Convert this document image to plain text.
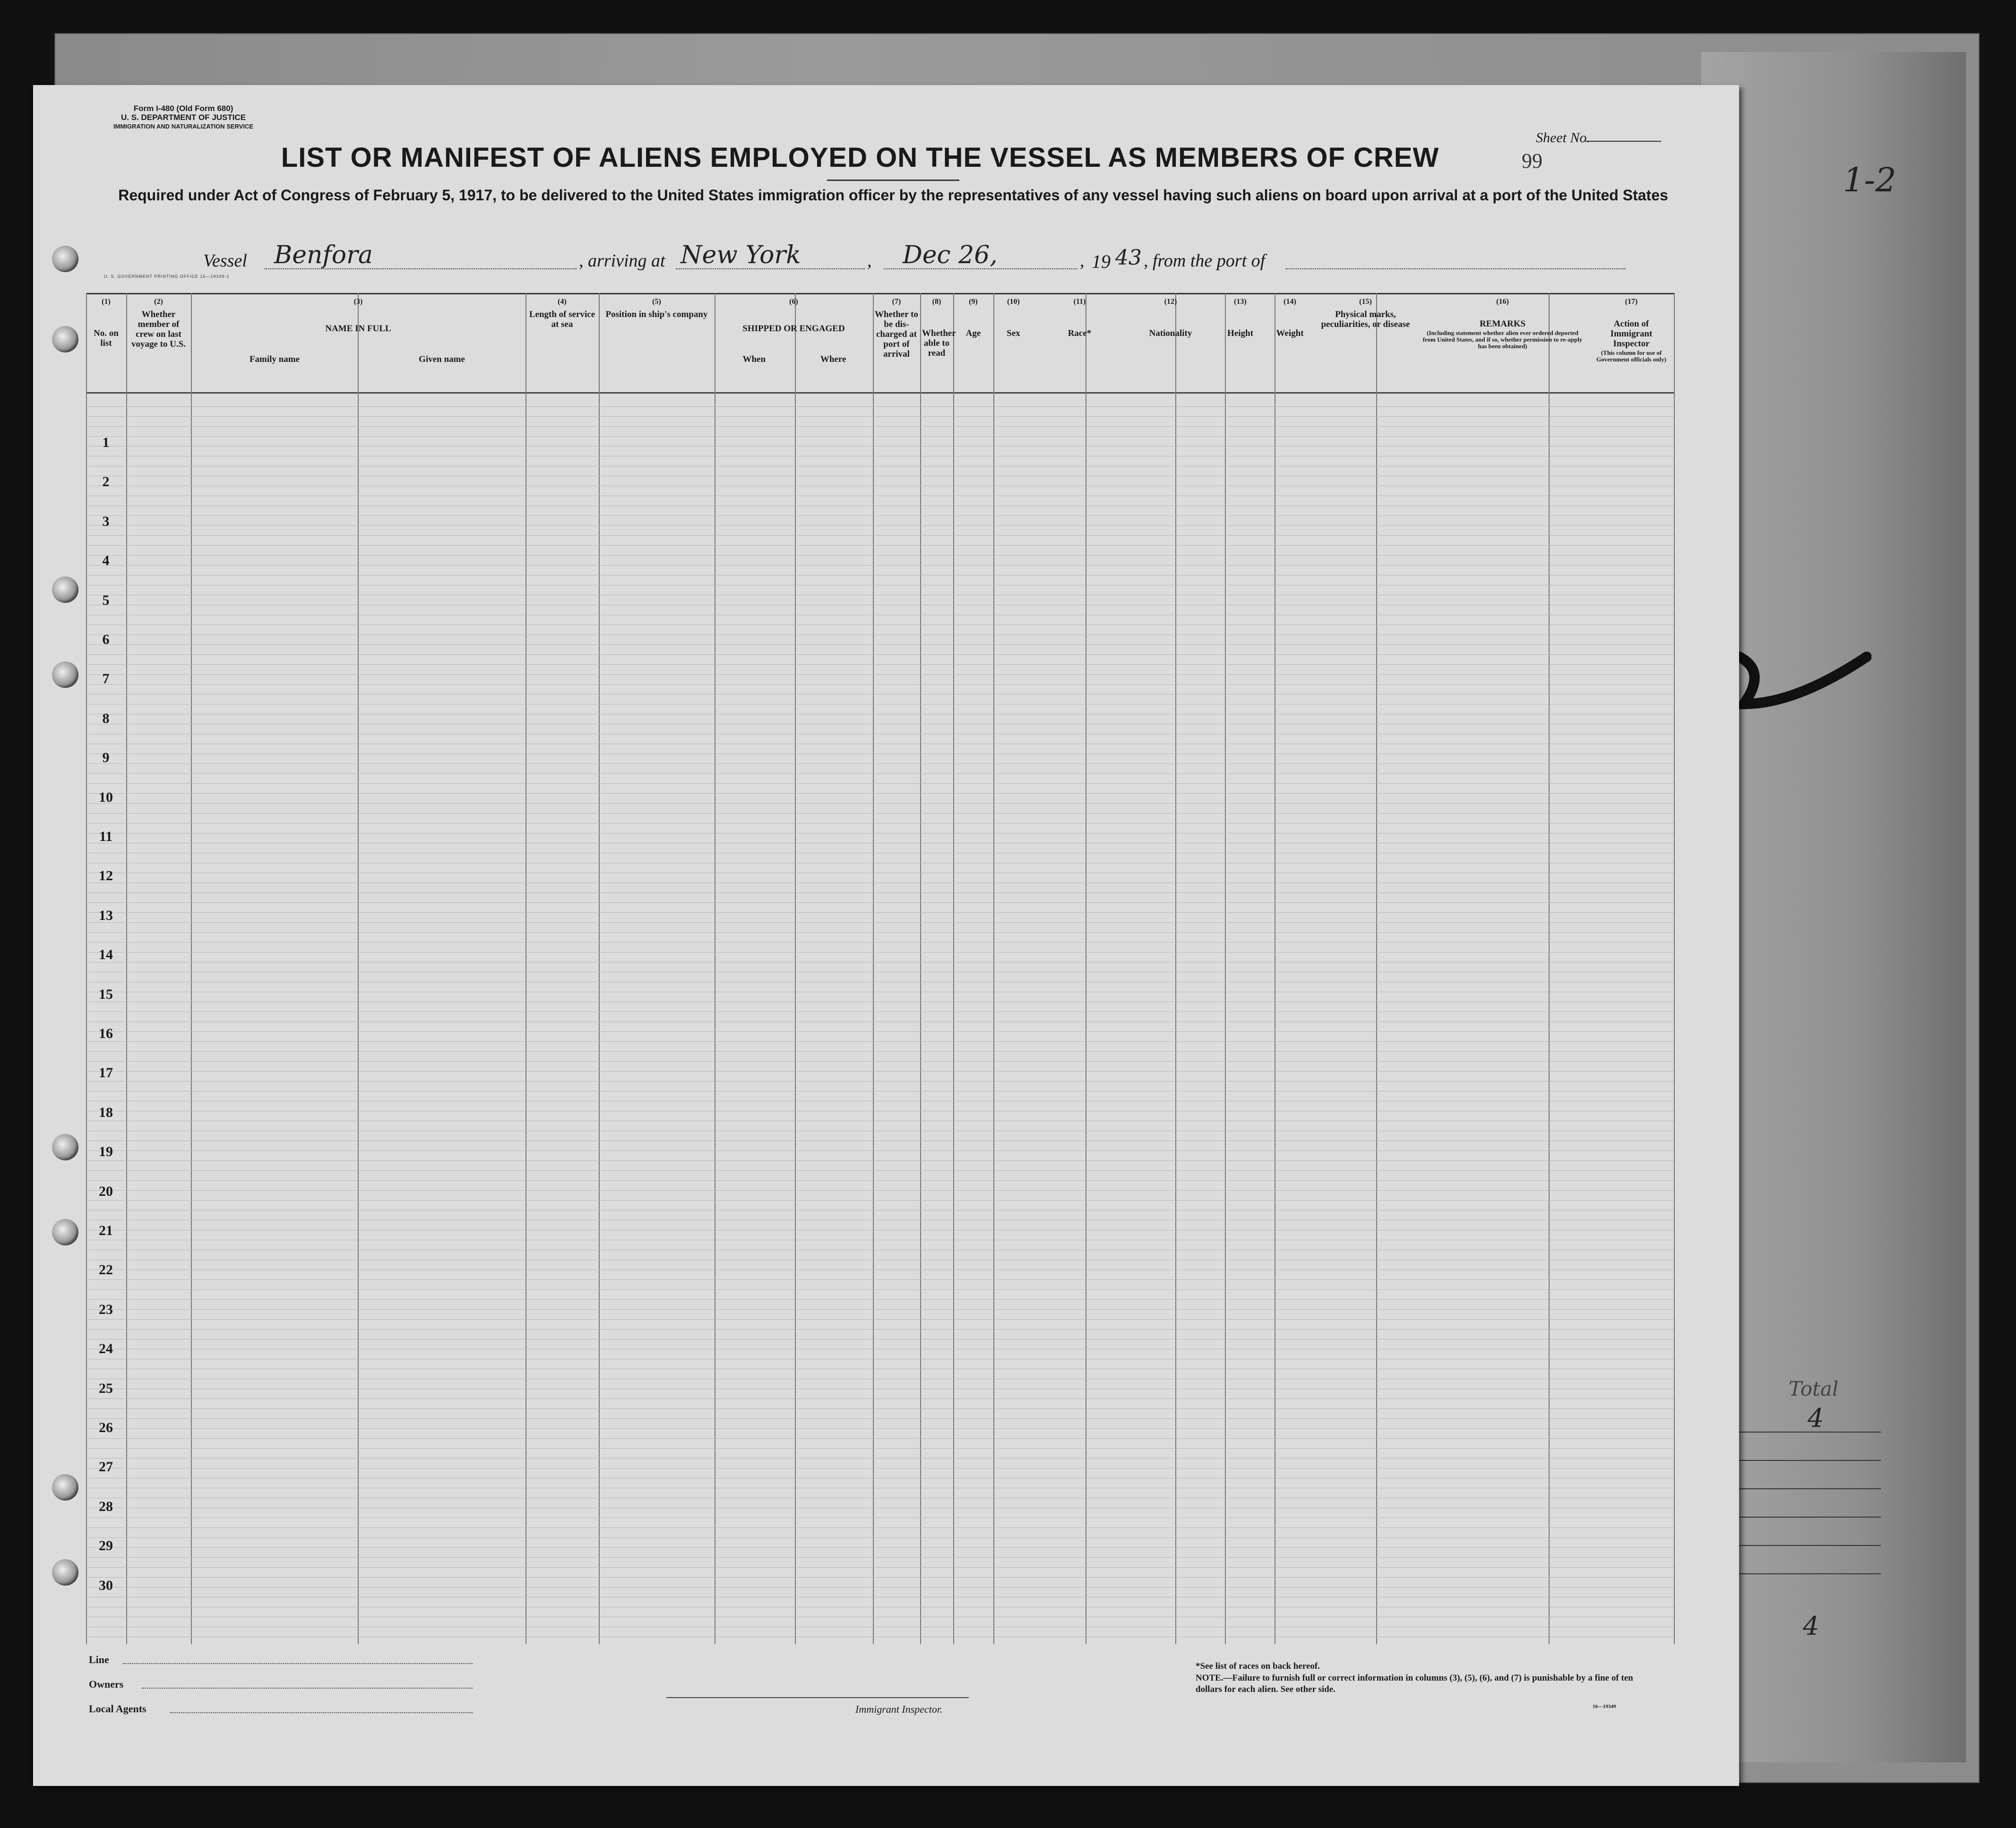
1-2
Total
4
4
Form I-480 (Old Form 680)
U. S. DEPARTMENT OF JUSTICE
IMMIGRATION AND NATURALIZATION SERVICE
Sheet No.
99
LIST OR MANIFEST OF ALIENS EMPLOYED ON THE VESSEL AS MEMBERS OF CREW
Required under Act of Congress of February 5, 1917, to be delivered to the United States immigration officer by the representatives of any vessel having such aliens on board upon arrival at a port of the United States
Vessel Benfora	, arriving at New York	, Dec 26,	, 19 43 , from the port of
U. S. GOVERNMENT PRINTING OFFICE 16—19349-1
(1)
No. on list
(2)
Whether member of crew on last voyage to U.S.
(3)
NAME IN FULL
Family name	Given name
(4)
Length of service at sea
(5)
Position in ship's company
(6)
SHIPPED OR ENGAGED
When	Where
(7)
Whether to be dis-charged at port of arrival
(8)
Whether able to read
(9)
Age
(10)
Sex
(11)
Race*
(12)
Nationality
(13)
Height
(14)
Weight
(15)
Physical marks, peculiarities, or disease
(16)
REMARKS
(Including statement whether alien ever ordered deported from United States, and if so, whether permission to re-apply has been obtained)
(17)
Action of Immigrant Inspector
(This column for use of Government officials only)
1
2
3
4
5
6
7
8
9
10
11
12
13
14
15
16
17
18
19
20
21
22
23
24
25
26
27
28
29
30
Line
Owners
Local Agents	Immigrant Inspector.
*See list of races on back hereof.
NOTE.—Failure to furnish full or correct information in columns (3), (5), (6), and (7) is punishable by a fine of ten dollars for each alien. See other side.
16—19349
